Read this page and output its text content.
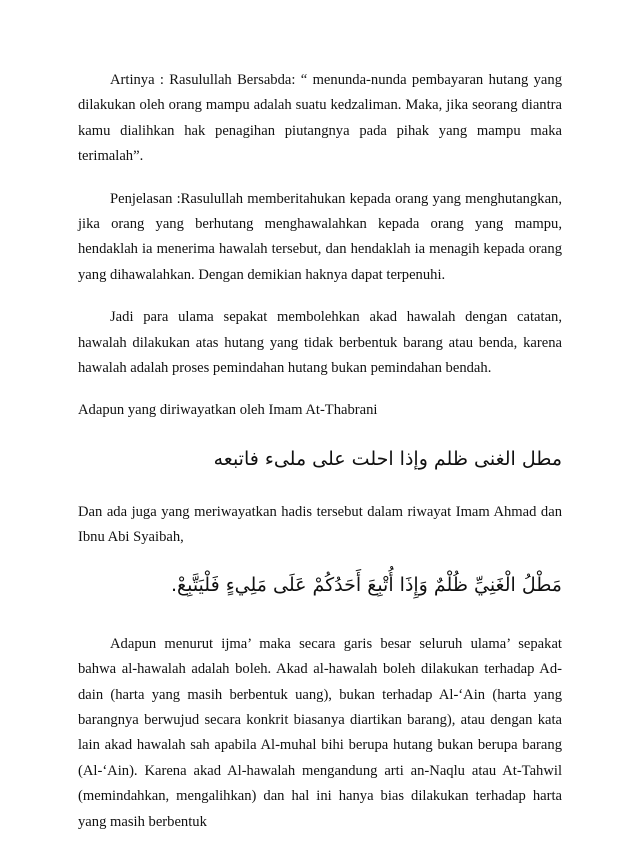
Artinya : Rasulullah Bersabda: “ menunda-nunda pembayaran hutang yang dilakukan oleh orang mampu adalah suatu kedzaliman. Maka, jika seorang diantra kamu dialihkan hak penagihan piutangnya pada pihak yang mampu maka terimalah”.

Penjelasan :Rasulullah memberitahukan kepada orang yang menghutangkan, jika orang yang berhutang menghawalahkan kepada orang yang mampu, hendaklah ia menerima hawalah tersebut, dan hendaklah ia menagih kepada orang yang dihawalahkan. Dengan demikian haknya dapat terpenuhi.

Jadi para ulama sepakat membolehkan akad hawalah dengan catatan, hawalah dilakukan atas hutang yang tidak berbentuk barang atau benda, karena hawalah adalah proses pemindahan hutang bukan pemindahan bendah.

Adapun yang diriwayatkan oleh Imam At-Thabrani

مطل الغنى ظلم وإذا احلت على ملىء فاتبعه

Dan ada juga yang meriwayatkan hadis tersebut dalam riwayat Imam Ahmad dan Ibnu Abi Syaibah,

مَطْلُ الْغَنِيِّ ظُلْمٌ وَإِذَا أُتْبِعَ أَحَدُكُمْ عَلَى مَلِيءٍ فَلْيَتَّبِعْ.

Adapun menurut ijma’ maka secara garis besar seluruh ulama’ sepakat bahwa al-hawalah adalah boleh. Akad al-hawalah boleh dilakukan terhadap Ad-dain (harta yang masih berbentuk uang), bukan terhadap Al-‘Ain (harta yang barangnya berwujud secara konkrit biasanya diartikan barang), atau dengan kata lain akad hawalah sah apabila Al-muhal bihi berupa hutang bukan berupa barang (Al-‘Ain). Karena akad Al-hawalah mengandung arti an-Naqlu atau At-Tahwil (memindahkan, mengalihkan) dan hal ini hanya bias dilakukan terhadap harta yang masih berbentuk
